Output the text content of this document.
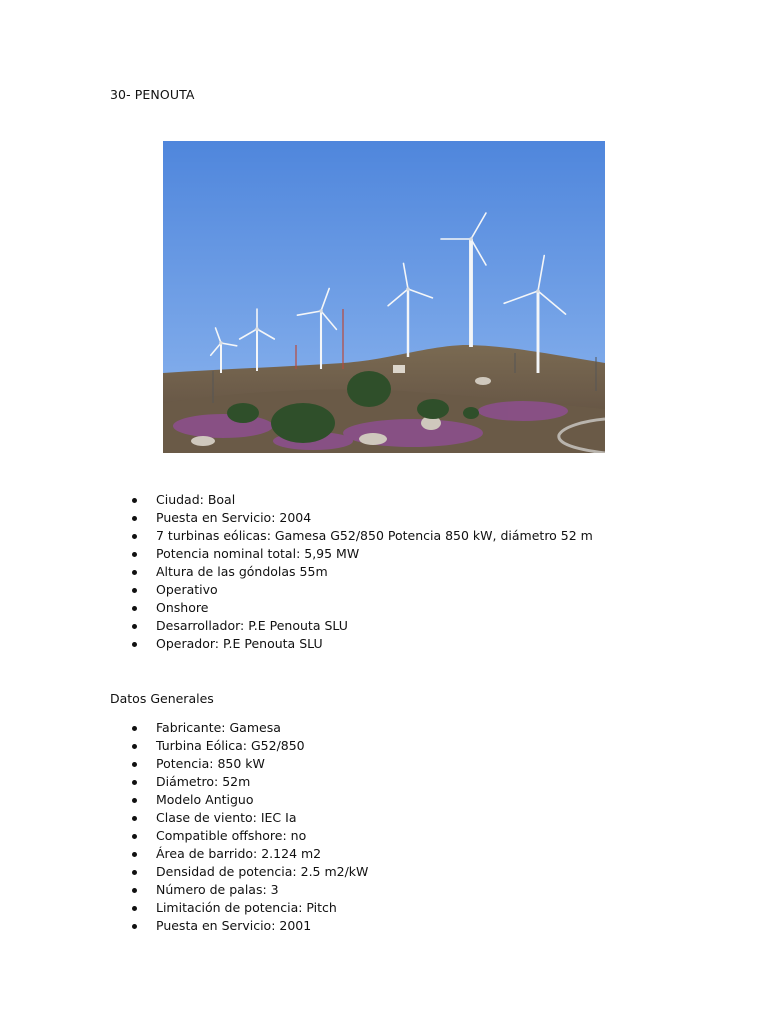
30- PENOUTA
Ciudad: Boal
Puesta en Servicio: 2004
7 turbinas eólicas: Gamesa G52/850 Potencia 850 kW, diámetro 52 m
Potencia nominal total: 5,95 MW
Altura de las góndolas 55m
Operativo
Onshore
Desarrollador: P.E Penouta SLU
Operador: P.E Penouta SLU
Datos Generales
Fabricante: Gamesa
Turbina Eólica: G52/850
Potencia: 850 kW
Diámetro: 52m
Modelo Antiguo
Clase de viento: IEC Ia
Compatible offshore: no
Área de barrido: 2.124 m2
Densidad de potencia: 2.5 m2/kW
Número de palas: 3
Limitación de potencia: Pitch
Puesta en Servicio: 2001
